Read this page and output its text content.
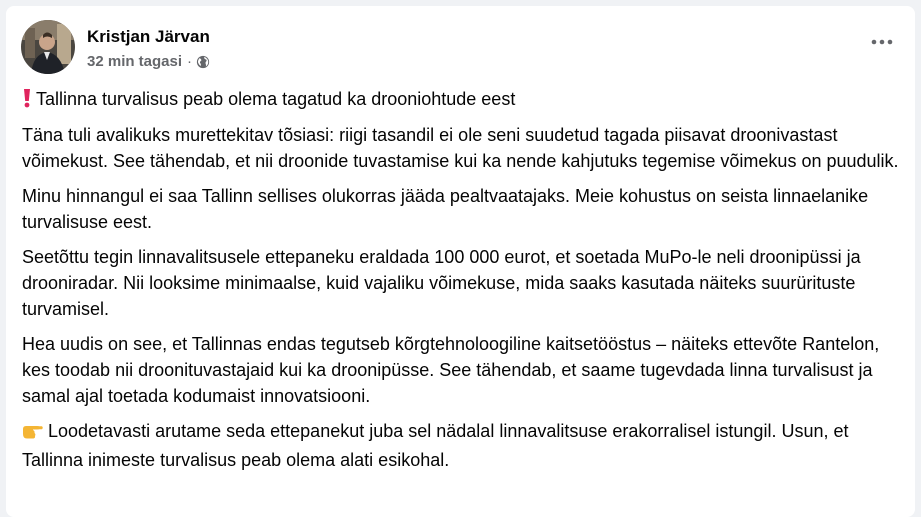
Kristjan Järvan
32 min tagasi ·

Tallinna turvalisus peab olema tagatud ka drooniohtude eest

Täna tuli avalikuks murettekitav tõsiasi: riigi tasandil ei ole seni suudetud tagada piisavat droonivastast võimekust. See tähendab, et nii droonide tuvastamise kui ka nende kahjutuks tegemise võimekus on puudulik.

Minu hinnangul ei saa Tallinn sellises olukorras jääda pealtvaatajaks. Meie kohustus on seista linnaelanike turvalisuse eest.

Seetõttu tegin linnavalitsusele ettepaneku eraldada 100 000 eurot, et soetada MuPo-le neli droonipüssi ja drooniradar. Nii looksime minimaalse, kuid vajaliku võimekuse, mida saaks kasutada näiteks suurürituste turvamisel.

Hea uudis on see, et Tallinnas endas tegutseb kõrgtehnoloogiline kaitsetööstus – näiteks ettevõte Rantelon, kes toodab nii droonituvastajaid kui ka droonipüsse. See tähendab, et saame tugevdada linna turvalisust ja samal ajal toetada kodumaist innovatsiooni.

Loodetavasti arutame seda ettepanekut juba sel nädalal linnavalitsuse erakorralisel istungil. Usun, et Tallinna inimeste turvalisus peab olema alati esikohal.
